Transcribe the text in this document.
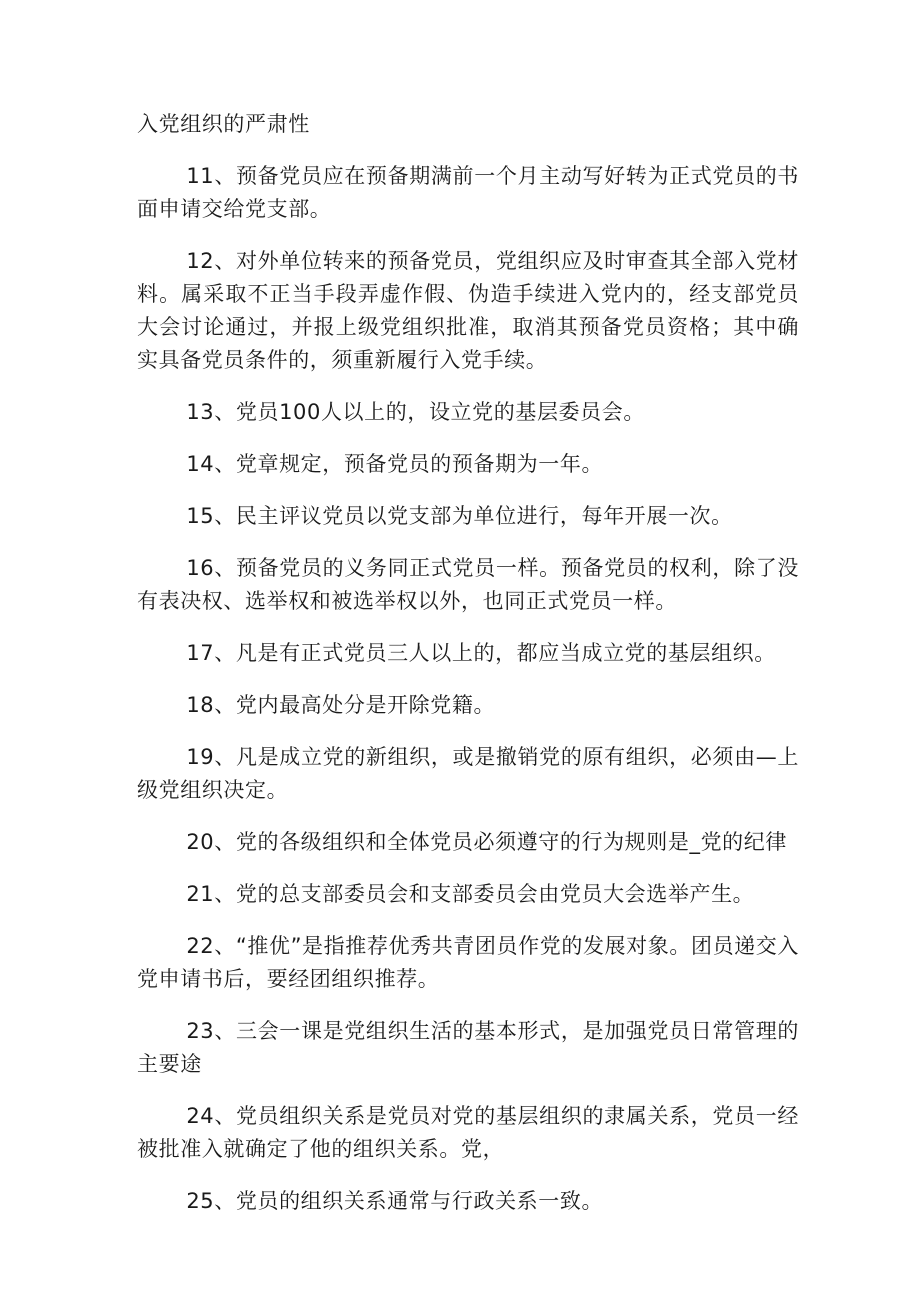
入党组织的严肃性

11、预备党员应在预备期满前一个月主动写好转为正式党员的书面申请交给党支部。

12、对外单位转来的预备党员，党组织应及时审查其全部入党材料。属采取不正当手段弄虚作假、伪造手续进入党内的，经支部党员大会讨论通过，并报上级党组织批准，取消其预备党员资格；其中确实具备党员条件的，须重新履行入党手续。

13、党员100人以上的，设立党的基层委员会。

14、党章规定，预备党员的预备期为一年。

15、民主评议党员以党支部为单位进行，每年开展一次。

16、预备党员的义务同正式党员一样。预备党员的权利，除了没有表决权、选举权和被选举权以外，也同正式党员一样。

17、凡是有正式党员三人以上的，都应当成立党的基层组织。

18、党内最高处分是开除党籍。

19、凡是成立党的新组织，或是撤销党的原有组织，必须由—上级党组织决定。

20、党的各级组织和全体党员必须遵守的行为规则是_党的纪律

21、党的总支部委员会和支部委员会由党员大会选举产生。

22、“推优”是指推荐优秀共青团员作党的发展对象。团员递交入党申请书后，要经团组织推荐。

23、三会一课是党组织生活的基本形式，是加强党员日常管理的主要途

24、党员组织关系是党员对党的基层组织的隶属关系，党员一经被批准入就确定了他的组织关系。党，

25、党员的组织关系通常与行政关系一致。
